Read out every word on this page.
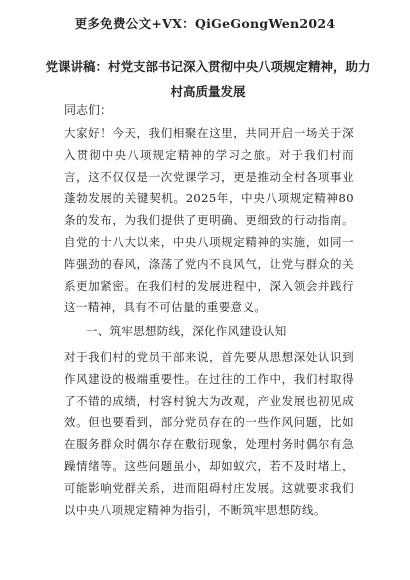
更多免费公文+VX：QiGeGongWen2024
党课讲稿：村党支部书记深入贯彻中央八项规定精神，助力村高质量发展
同志们：
大家好！今天，我们相聚在这里，共同开启一场关于深入贯彻中央八项规定精神的学习之旅。对于我们村而言，这不仅仅是一次党课学习，更是推动全村各项事业蓬勃发展的关键契机。2025年，中央八项规定精神80条的发布，为我们提供了更明确、更细致的行动指南。自党的十八大以来，中央八项规定精神的实施，如同一阵强劲的春风，涤荡了党内不良风气，让党与群众的关系更加紧密。在我们村的发展进程中，深入领会并践行这一精神，具有不可估量的重要意义。
一、筑牢思想防线，深化作风建设认知
对于我们村的党员干部来说，首先要从思想深处认识到作风建设的极端重要性。在过往的工作中，我们村取得了不错的成绩，村容村貌大为改观，产业发展也初见成效。但也要看到，部分党员存在的一些作风问题，比如在服务群众时偶尔存在敷衍现象，处理村务时偶尔有急躁情绪等。这些问题虽小，却如蚁穴，若不及时堵上，可能影响党群关系，进而阻碍村庄发展。这就要求我们以中央八项规定精神为指引，不断筑牢思想防线。
